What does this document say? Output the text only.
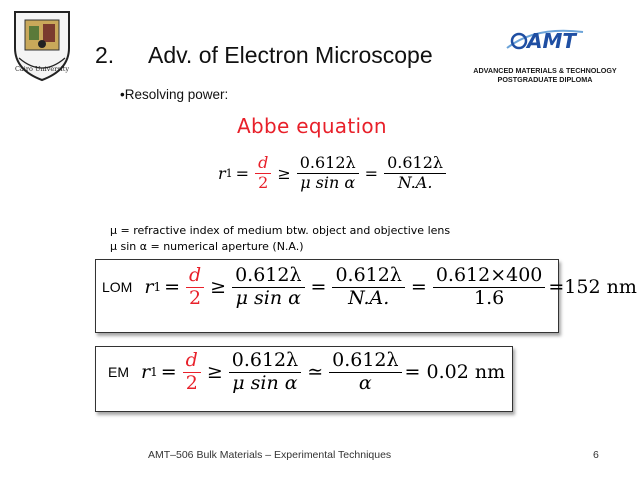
Cairo University
AMT
ADVANCED MATERIALS & TECHNOLOGY
POSTGRADUATE DIPLOMA
2. Adv. of Electron Microscope
•Resolving power:
Abbe equation
r $1 = \frac{d}{2} \ge \frac{0.612\lambda}{\text{μ sin α}} = \frac{0.612\lambda}{N.A.}$
μ = refractive index of medium btw. object and objective lens
μ sin α = numerical aperture (N.A.)
LOM r $1 = \frac{d}{2} \ge \frac{0.612\lambda}{\text{μ sin α}} = \frac{0.612\lambda}{N.A.} = \frac{0.612\times 400}{1.6} =152$ nm
EM r $1 = \frac{d}{2} \ge \frac{0.612\lambda}{\text{μ sin α}}$ ≃ $\frac{0.612\lambda}{\alpha} = 0.02$ nm
AMT–506 Bulk Materials – Experimental Techniques	6
